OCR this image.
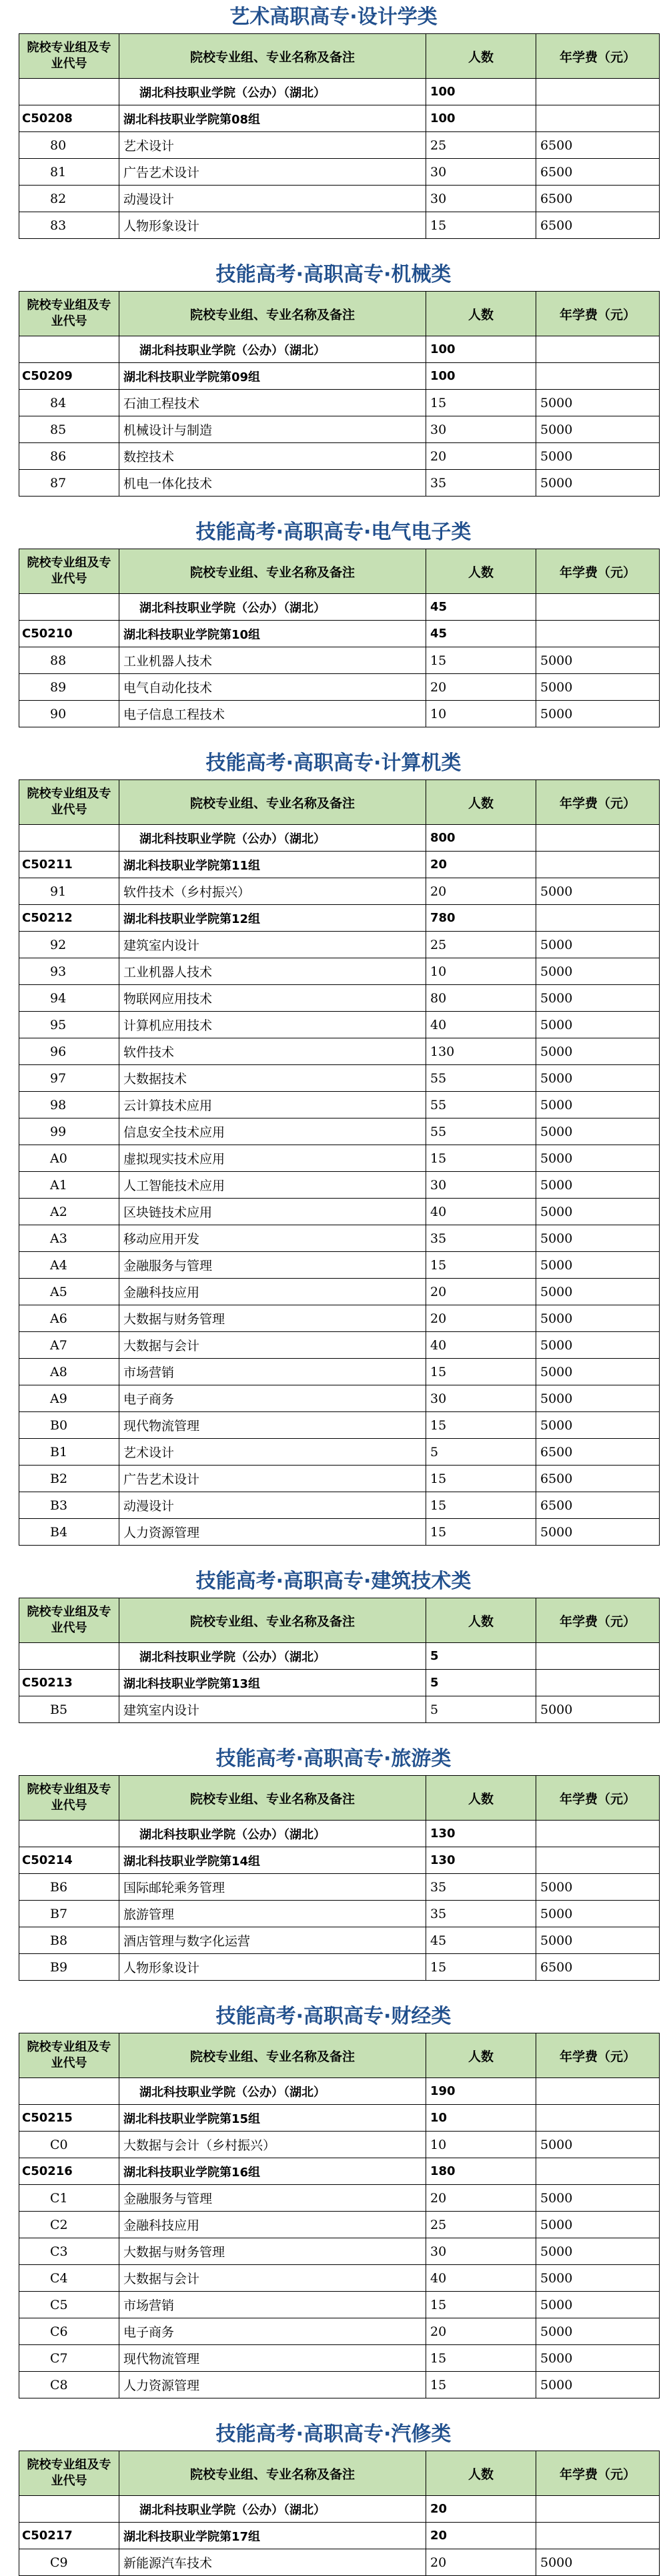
艺术高职高专·设计学类
院校专业组及专业代号	院校专业组、专业名称及备注	人数	年学费（元）
	湖北科技职业学院（公办）（湖北）	100	
C50208	湖北科技职业学院第08组	100	
80	艺术设计	25	6500
81	广告艺术设计	30	6500
82	动漫设计	30	6500
83	人物形象设计	15	6500
技能高考·高职高专·机械类
院校专业组及专业代号	院校专业组、专业名称及备注	人数	年学费（元）
	湖北科技职业学院（公办）（湖北）	100	
C50209	湖北科技职业学院第09组	100	
84	石油工程技术	15	5000
85	机械设计与制造	30	5000
86	数控技术	20	5000
87	机电一体化技术	35	5000
技能高考·高职高专·电气电子类
院校专业组及专业代号	院校专业组、专业名称及备注	人数	年学费（元）
	湖北科技职业学院（公办）（湖北）	45	
C50210	湖北科技职业学院第10组	45	
88	工业机器人技术	15	5000
89	电气自动化技术	20	5000
90	电子信息工程技术	10	5000
技能高考·高职高专·计算机类
院校专业组及专业代号	院校专业组、专业名称及备注	人数	年学费（元）
	湖北科技职业学院（公办）（湖北）	800	
C50211	湖北科技职业学院第11组	20	
91	软件技术（乡村振兴）	20	5000
C50212	湖北科技职业学院第12组	780	
92	建筑室内设计	25	5000
93	工业机器人技术	10	5000
94	物联网应用技术	80	5000
95	计算机应用技术	40	5000
96	软件技术	130	5000
97	大数据技术	55	5000
98	云计算技术应用	55	5000
99	信息安全技术应用	55	5000
A0	虚拟现实技术应用	15	5000
A1	人工智能技术应用	30	5000
A2	区块链技术应用	40	5000
A3	移动应用开发	35	5000
A4	金融服务与管理	15	5000
A5	金融科技应用	20	5000
A6	大数据与财务管理	20	5000
A7	大数据与会计	40	5000
A8	市场营销	15	5000
A9	电子商务	30	5000
B0	现代物流管理	15	5000
B1	艺术设计	5	6500
B2	广告艺术设计	15	6500
B3	动漫设计	15	6500
B4	人力资源管理	15	5000
技能高考·高职高专·建筑技术类
院校专业组及专业代号	院校专业组、专业名称及备注	人数	年学费（元）
	湖北科技职业学院（公办）（湖北）	5	
C50213	湖北科技职业学院第13组	5	
B5	建筑室内设计	5	5000
技能高考·高职高专·旅游类
院校专业组及专业代号	院校专业组、专业名称及备注	人数	年学费（元）
	湖北科技职业学院（公办）（湖北）	130	
C50214	湖北科技职业学院第14组	130	
B6	国际邮轮乘务管理	35	5000
B7	旅游管理	35	5000
B8	酒店管理与数字化运营	45	5000
B9	人物形象设计	15	6500
技能高考·高职高专·财经类
院校专业组及专业代号	院校专业组、专业名称及备注	人数	年学费（元）
	湖北科技职业学院（公办）（湖北）	190	
C50215	湖北科技职业学院第15组	10	
C0	大数据与会计（乡村振兴）	10	5000
C50216	湖北科技职业学院第16组	180	
C1	金融服务与管理	20	5000
C2	金融科技应用	25	5000
C3	大数据与财务管理	30	5000
C4	大数据与会计	40	5000
C5	市场营销	15	5000
C6	电子商务	20	5000
C7	现代物流管理	15	5000
C8	人力资源管理	15	5000
技能高考·高职高专·汽修类
院校专业组及专业代号	院校专业组、专业名称及备注	人数	年学费（元）
	湖北科技职业学院（公办）（湖北）	20	
C50217	湖北科技职业学院第17组	20	
C9	新能源汽车技术	20	5000
